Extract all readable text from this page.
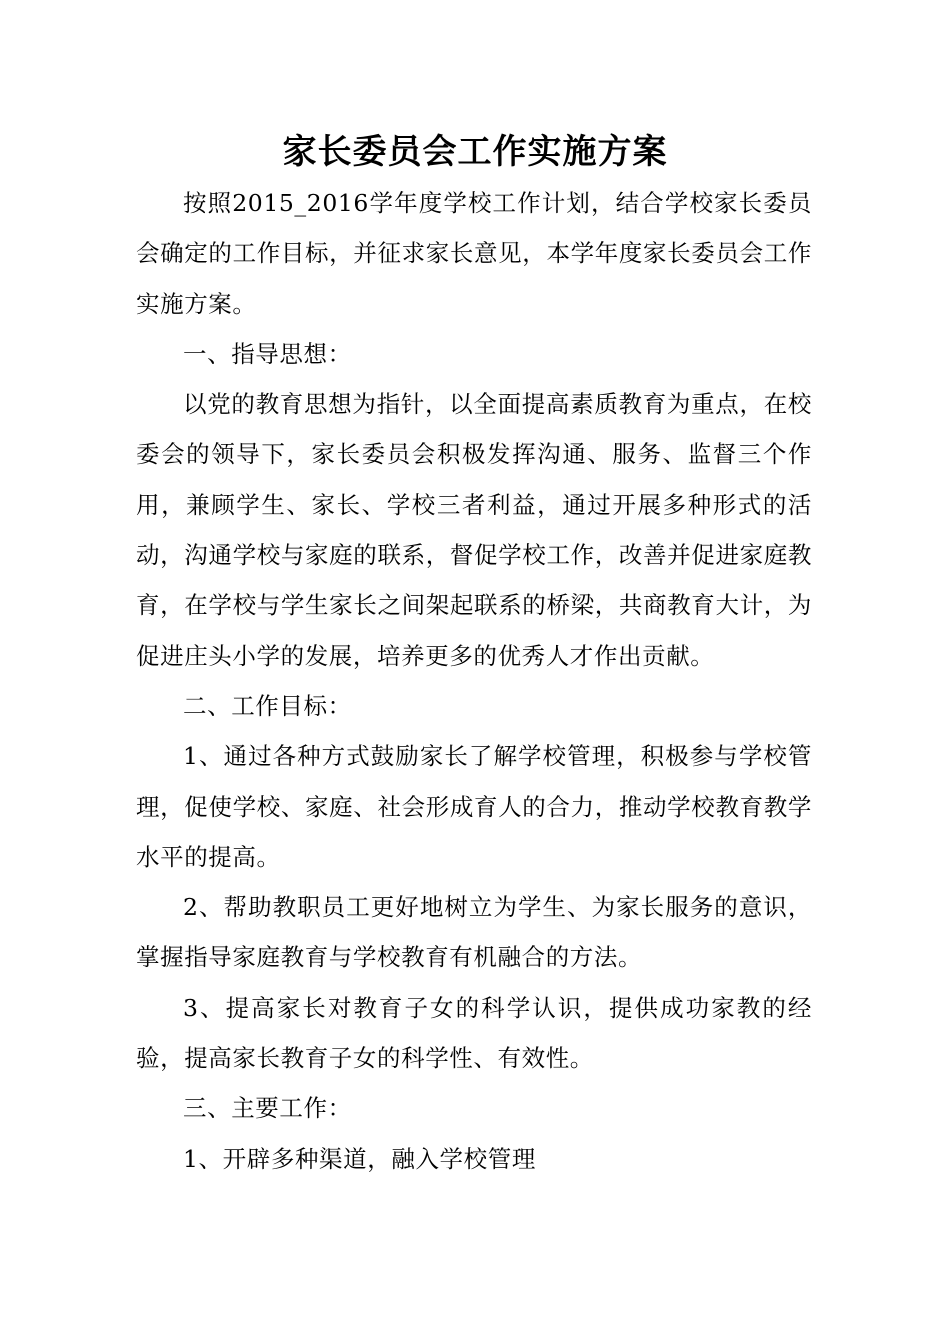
家长委员会工作实施方案

按照2015_2016学年度学校工作计划，结合学校家长委员会确定的工作目标，并征求家长意见，本学年度家长委员会工作实施方案。

一、指导思想：

以党的教育思想为指针，以全面提高素质教育为重点，在校委会的领导下，家长委员会积极发挥沟通、服务、监督三个作用，兼顾学生、家长、学校三者利益，通过开展多种形式的活动，沟通学校与家庭的联系，督促学校工作，改善并促进家庭教育，在学校与学生家长之间架起联系的桥梁，共商教育大计，为促进庄头小学的发展，培养更多的优秀人才作出贡献。

二、工作目标：

1、通过各种方式鼓励家长了解学校管理，积极参与学校管理，促使学校、家庭、社会形成育人的合力，推动学校教育教学水平的提高。

2、帮助教职员工更好地树立为学生、为家长服务的意识，掌握指导家庭教育与学校教育有机融合的方法。

3、提高家长对教育子女的科学认识，提供成功家教的经验，提高家长教育子女的科学性、有效性。

三、主要工作：

1、开辟多种渠道，融入学校管理
